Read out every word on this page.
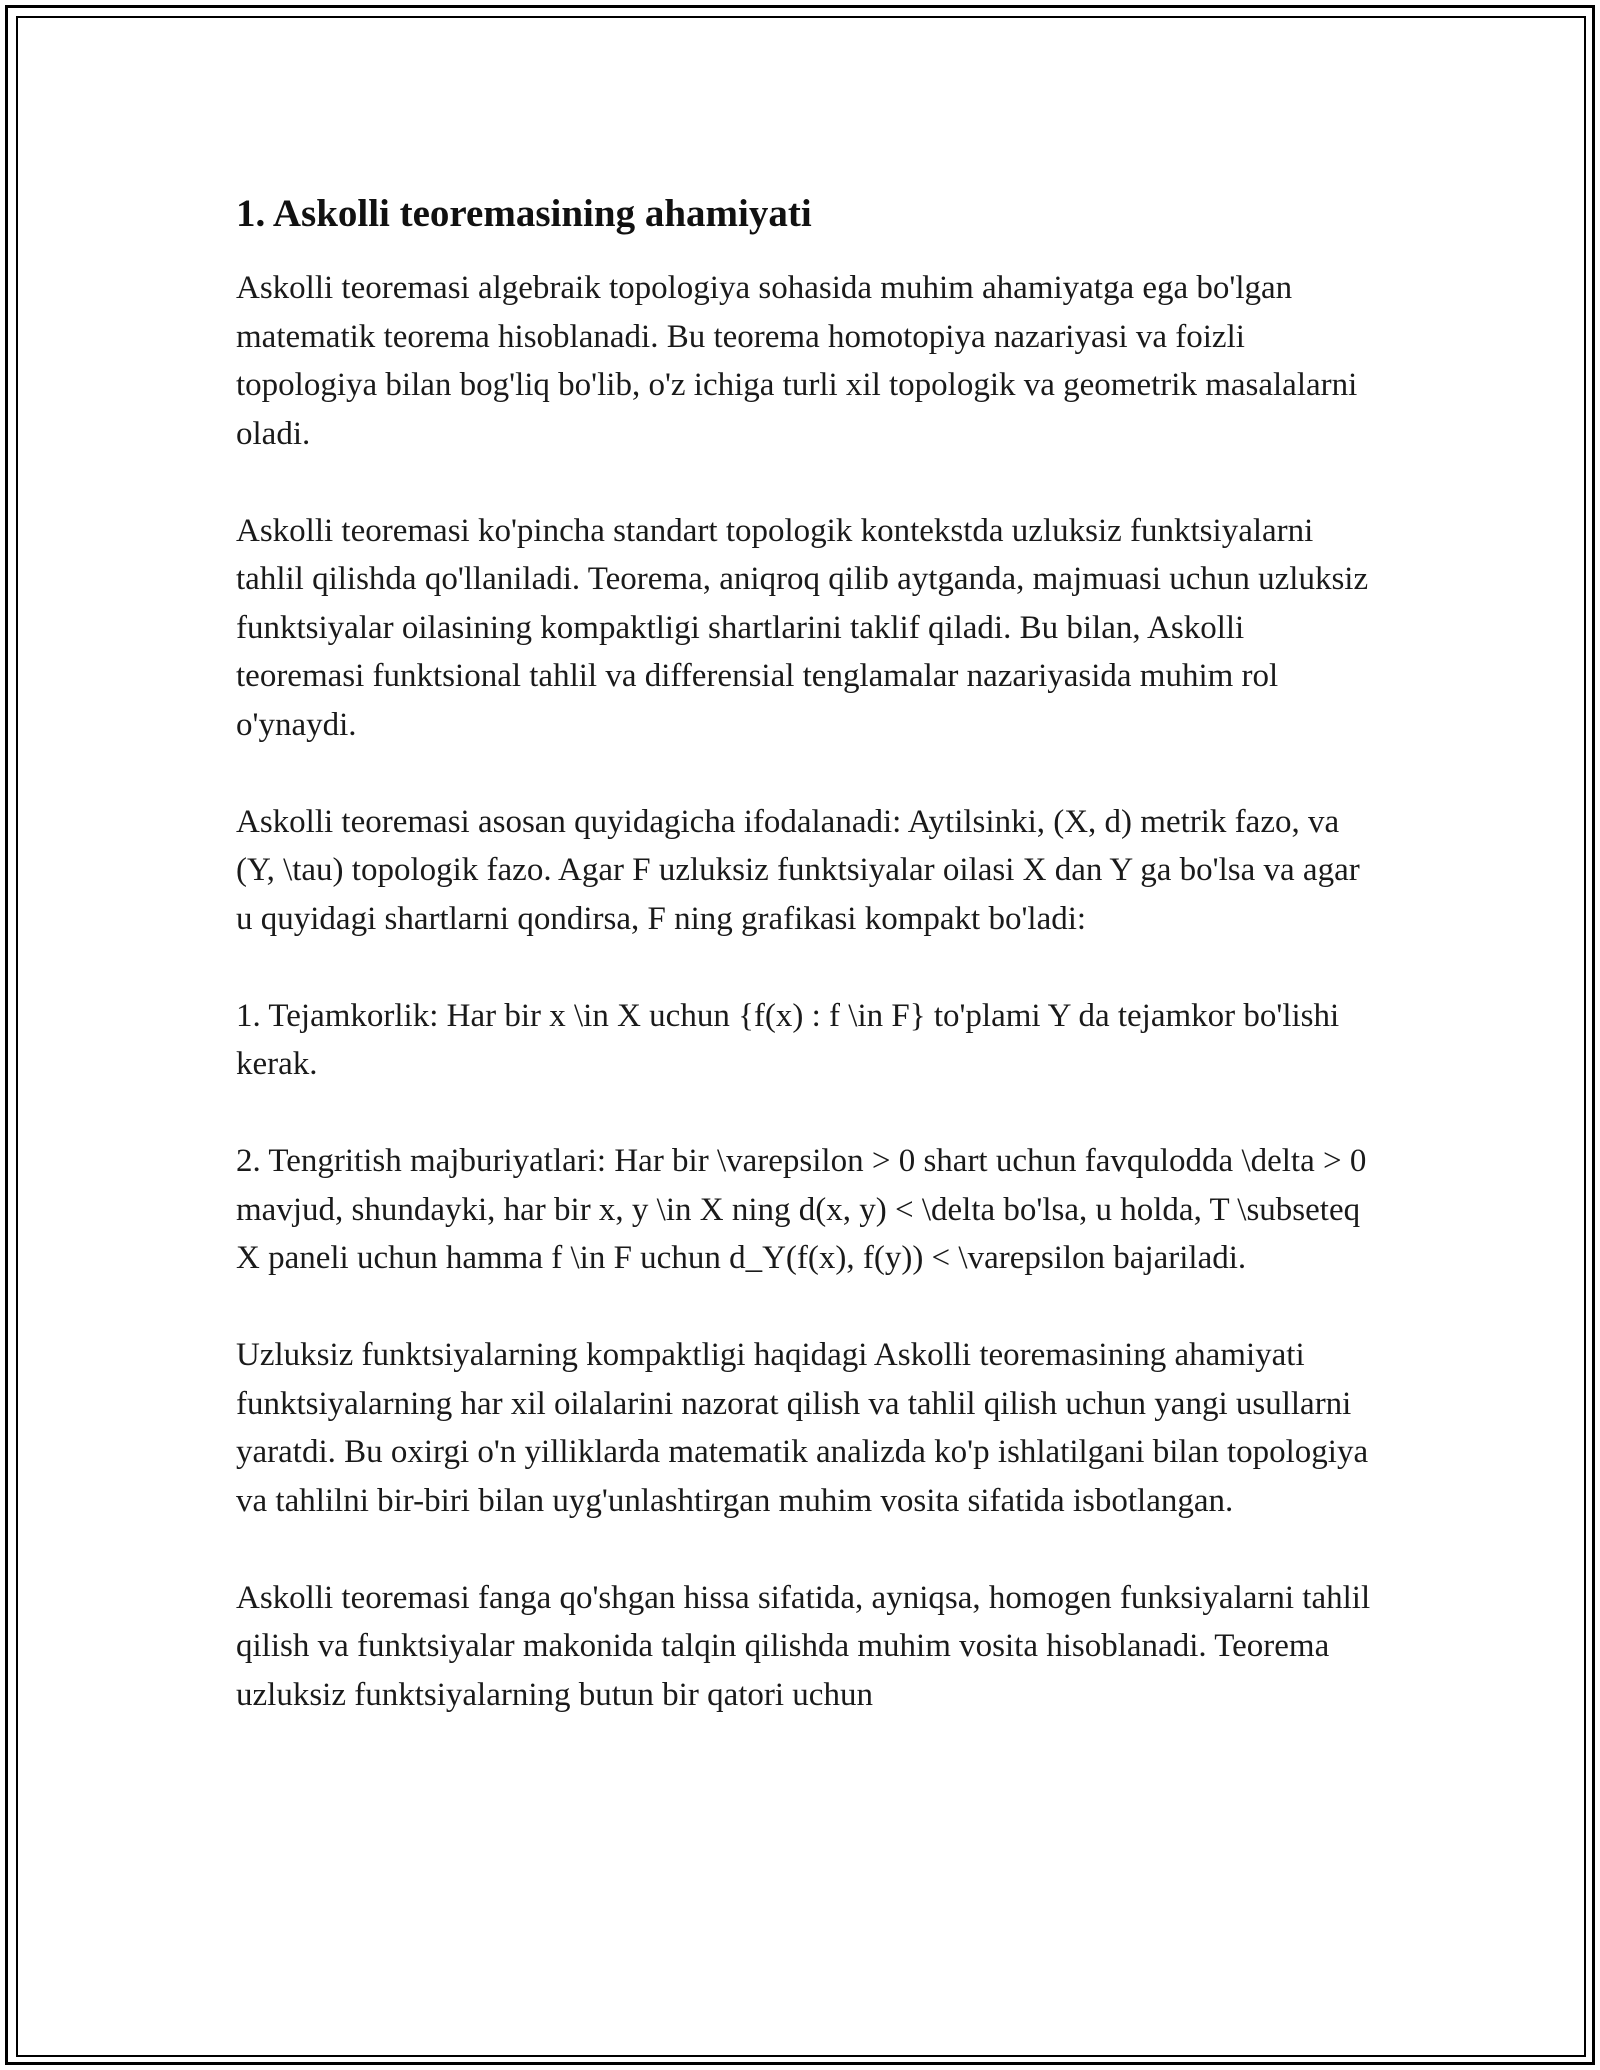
1. Askolli teoremasining ahamiyati
Askolli teoremasi algebraik topologiya sohasida muhim ahamiyatga ega bo'lgan matematik teorema hisoblanadi. Bu teorema homotopiya nazariyasi va foizli topologiya bilan bog'liq bo'lib, o'z ichiga turli xil topologik va geometrik masalalarni oladi.
Askolli teoremasi ko'pincha standart topologik kontekstda uzluksiz funktsiyalarni tahlil qilishda qo'llaniladi. Teorema, aniqroq qilib aytganda, majmuasi uchun uzluksiz funktsiyalar oilasining kompaktligi shartlarini taklif qiladi. Bu bilan, Askolli teoremasi funktsional tahlil va differensial tenglamalar nazariyasida muhim rol o'ynaydi.
Askolli teoremasi asosan quyidagicha ifodalanadi: Aytilsinki, (X, d) metrik fazo, va (Y, \tau) topologik fazo. Agar F uzluksiz funktsiyalar oilasi X dan Y ga bo'lsa va agar u quyidagi shartlarni qondirsa, F ning grafikasi kompakt bo'ladi:
1. Tejamkorlik: Har bir x \in X uchun {f(x) : f \in F} to'plami Y da tejamkor bo'lishi kerak.
2. Tengritish majburiyatlari: Har bir \varepsilon > 0 shart uchun favqulodda \delta > 0 mavjud, shundayki, har bir x, y \in X ning d(x, y) < \delta bo'lsa, u holda, T \subseteq X paneli uchun hamma f \in F uchun d_Y(f(x), f(y)) < \varepsilon bajariladi.
Uzluksiz funktsiyalarning kompaktligi haqidagi Askolli teoremasining ahamiyati funktsiyalarning har xil oilalarini nazorat qilish va tahlil qilish uchun yangi usullarni yaratdi. Bu oxirgi o'n yilliklarda matematik analizda ko'p ishlatilgani bilan topologiya va tahlilni bir-biri bilan uyg'unlashtirgan muhim vosita sifatida isbotlangan.
Askolli teoremasi fanga qo'shgan hissa sifatida, ayniqsa, homogen funksiyalarni tahlil qilish va funktsiyalar makonida talqin qilishda muhim vosita hisoblanadi. Teorema uzluksiz funktsiyalarning butun bir qatori uchun
